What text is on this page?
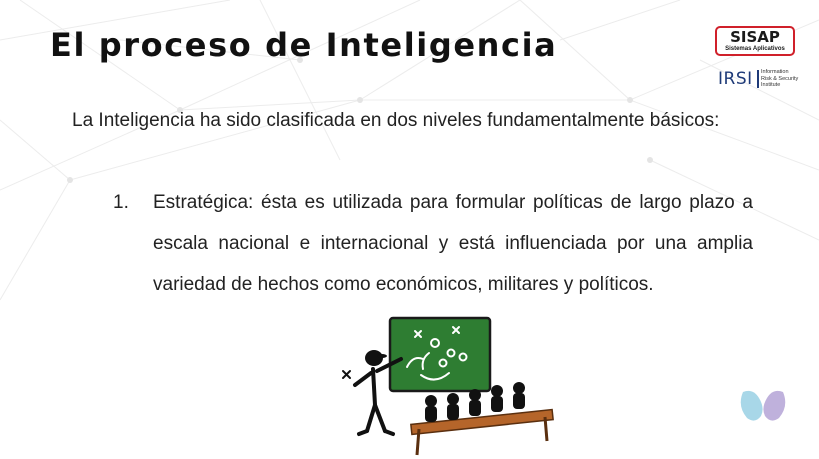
El proceso de Inteligencia	SISAP
Sistemas Aplicativos
IRSI Information
Risk & Security
Institute

La Inteligencia ha sido clasificada en dos niveles fundamentalmente básicos:

1. Estratégica: ésta es utilizada para formular políticas de largo plazo a escala nacional e internacional y está influenciada por una amplia variedad de hechos como económicos, militares y políticos.
